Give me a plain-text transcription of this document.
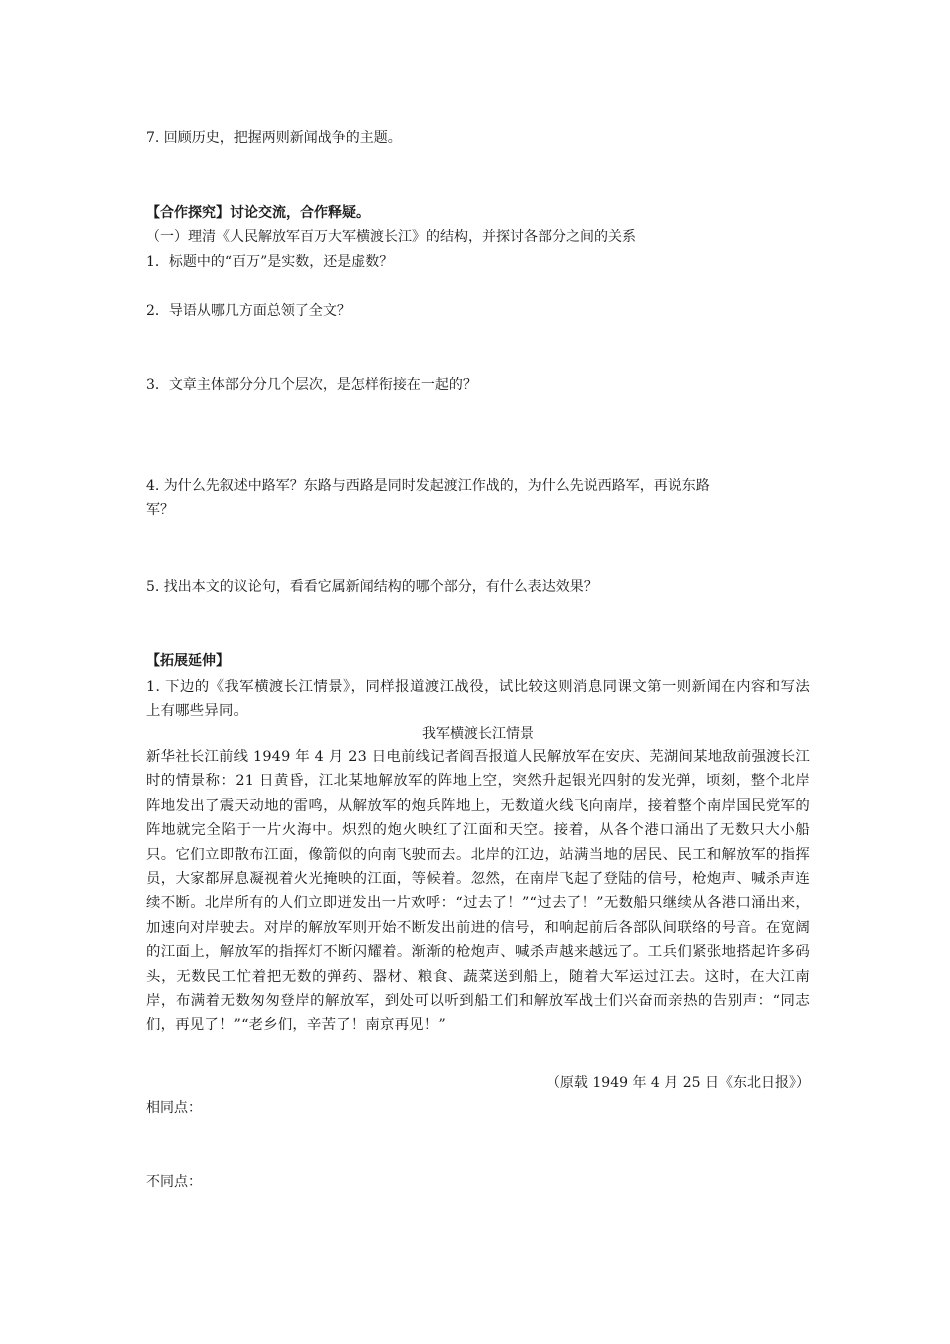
7. 回顾历史，把握两则新闻战争的主题。
【合作探究】讨论交流，合作释疑。
（一）理清《人民解放军百万大军横渡长江》的结构，并探讨各部分之间的关系
1．标题中的“百万”是实数，还是虚数？
2．导语从哪几方面总领了全文？
3．文章主体部分分几个层次，是怎样衔接在一起的？
4. 为什么先叙述中路军？东路与西路是同时发起渡江作战的，为什么先说西路军，再说东路
军？
5. 找出本文的议论句，看看它属新闻结构的哪个部分，有什么表达效果？
【拓展延伸】
1. 下边的《我军横渡长江情景》，同样报道渡江战役，试比较这则消息同课文第一则新闻在内容和写法上有哪些异同。
我军横渡长江情景
新华社长江前线 1949 年 4 月 23 日电前线记者阎吾报道人民解放军在安庆、芜湖间某地敌前强渡长江时的情景称：21 日黄昏，江北某地解放军的阵地上空，突然升起银光四射的发光弹，顷刻，整个北岸阵地发出了震天动地的雷鸣，从解放军的炮兵阵地上，无数道火线飞向南岸，接着整个南岸国民党军的阵地就完全陷于一片火海中。炽烈的炮火映红了江面和天空。接着，从各个港口涌出了无数只大小船只。它们立即散布江面，像箭似的向南飞驶而去。北岸的江边，站满当地的居民、民工和解放军的指挥员，大家都屏息凝视着火光掩映的江面，等候着。忽然，在南岸飞起了登陆的信号，枪炮声、喊杀声连续不断。北岸所有的人们立即迸发出一片欢呼：“过去了！”“过去了！”无数船只继续从各港口涌出来，加速向对岸驶去。对岸的解放军则开始不断发出前进的信号，和响起前后各部队间联络的号音。在宽阔的江面上，解放军的指挥灯不断闪耀着。渐渐的枪炮声、喊杀声越来越远了。工兵们紧张地搭起许多码头，无数民工忙着把无数的弹药、器材、粮食、蔬菜送到船上，随着大军运过江去。这时，在大江南岸，布满着无数匆匆登岸的解放军，到处可以听到船工们和解放军战士们兴奋而亲热的告别声：“同志们，再见了！”“老乡们，辛苦了！南京再见！”
（原载 1949 年 4 月 25 日《东北日报》）
相同点：
不同点：
